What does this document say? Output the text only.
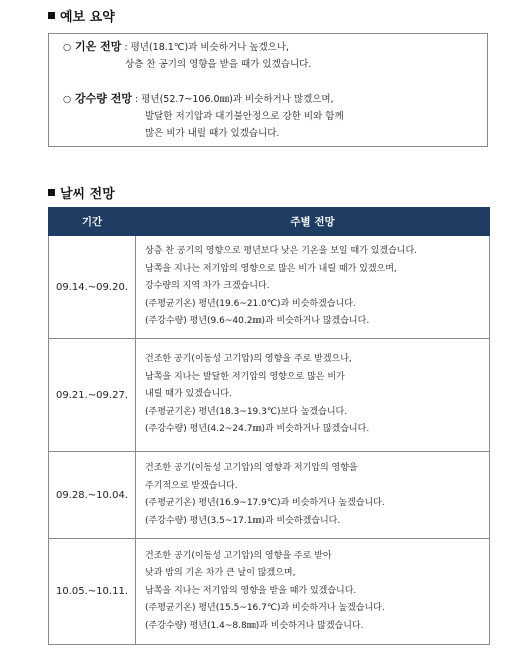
예보 요약
○ 기온 전망 : 평년(18.1℃)과 비슷하거나 높겠으나,
상층 찬 공기의 영향을 받을 때가 있겠습니다.
○ 강수량 전망 : 평년(52.7~106.0㎜)과 비슷하거나 많겠으며,
발달한 저기압과 대기불안정으로 강한 비와 함께
많은 비가 내릴 때가 있겠습니다.
날씨 전망
기간	주별 전망
09.14.~09.20.	상층 찬 공기의 영향으로 평년보다 낮은 기온을 보일 때가 있겠습니다.
남쪽을 지나는 저기압의 영향으로 많은 비가 내릴 때가 있겠으며,
강수량의 지역 차가 크겠습니다.
(주평균기온) 평년(19.6~21.0℃)과 비슷하겠습니다.
(주강수량) 평년(9.6~40.2㎜)과 비슷하거나 많겠습니다.

09.21.~09.27.	건조한 공기(이동성 고기압)의 영향을 주로 받겠으나,
남쪽을 지나는 발달한 저기압의 영향으로 많은 비가
내릴 때가 있겠습니다.
(주평균기온) 평년(18.3~19.3℃)보다 높겠습니다.
(주강수량) 평년(4.2~24.7㎜)과 비슷하거나 많겠습니다.

09.28.~10.04.	건조한 공기(이동성 고기압)의 영향과 저기압의 영향을
주기적으로 받겠습니다.
(주평균기온) 평년(16.9~17.9℃)과 비슷하거나 높겠습니다.
(주강수량) 평년(3.5~17.1㎜)과 비슷하겠습니다.

10.05.~10.11.	건조한 공기(이동성 고기압)의 영향을 주로 받아
낮과 밤의 기온 차가 큰 날이 많겠으며,
남쪽을 지나는 저기압의 영향을 받을 때가 있겠습니다.
(주평균기온) 평년(15.5~16.7℃)과 비슷하거나 높겠습니다.
(주강수량) 평년(1.4~8.8㎜)과 비슷하거나 많겠습니다.
